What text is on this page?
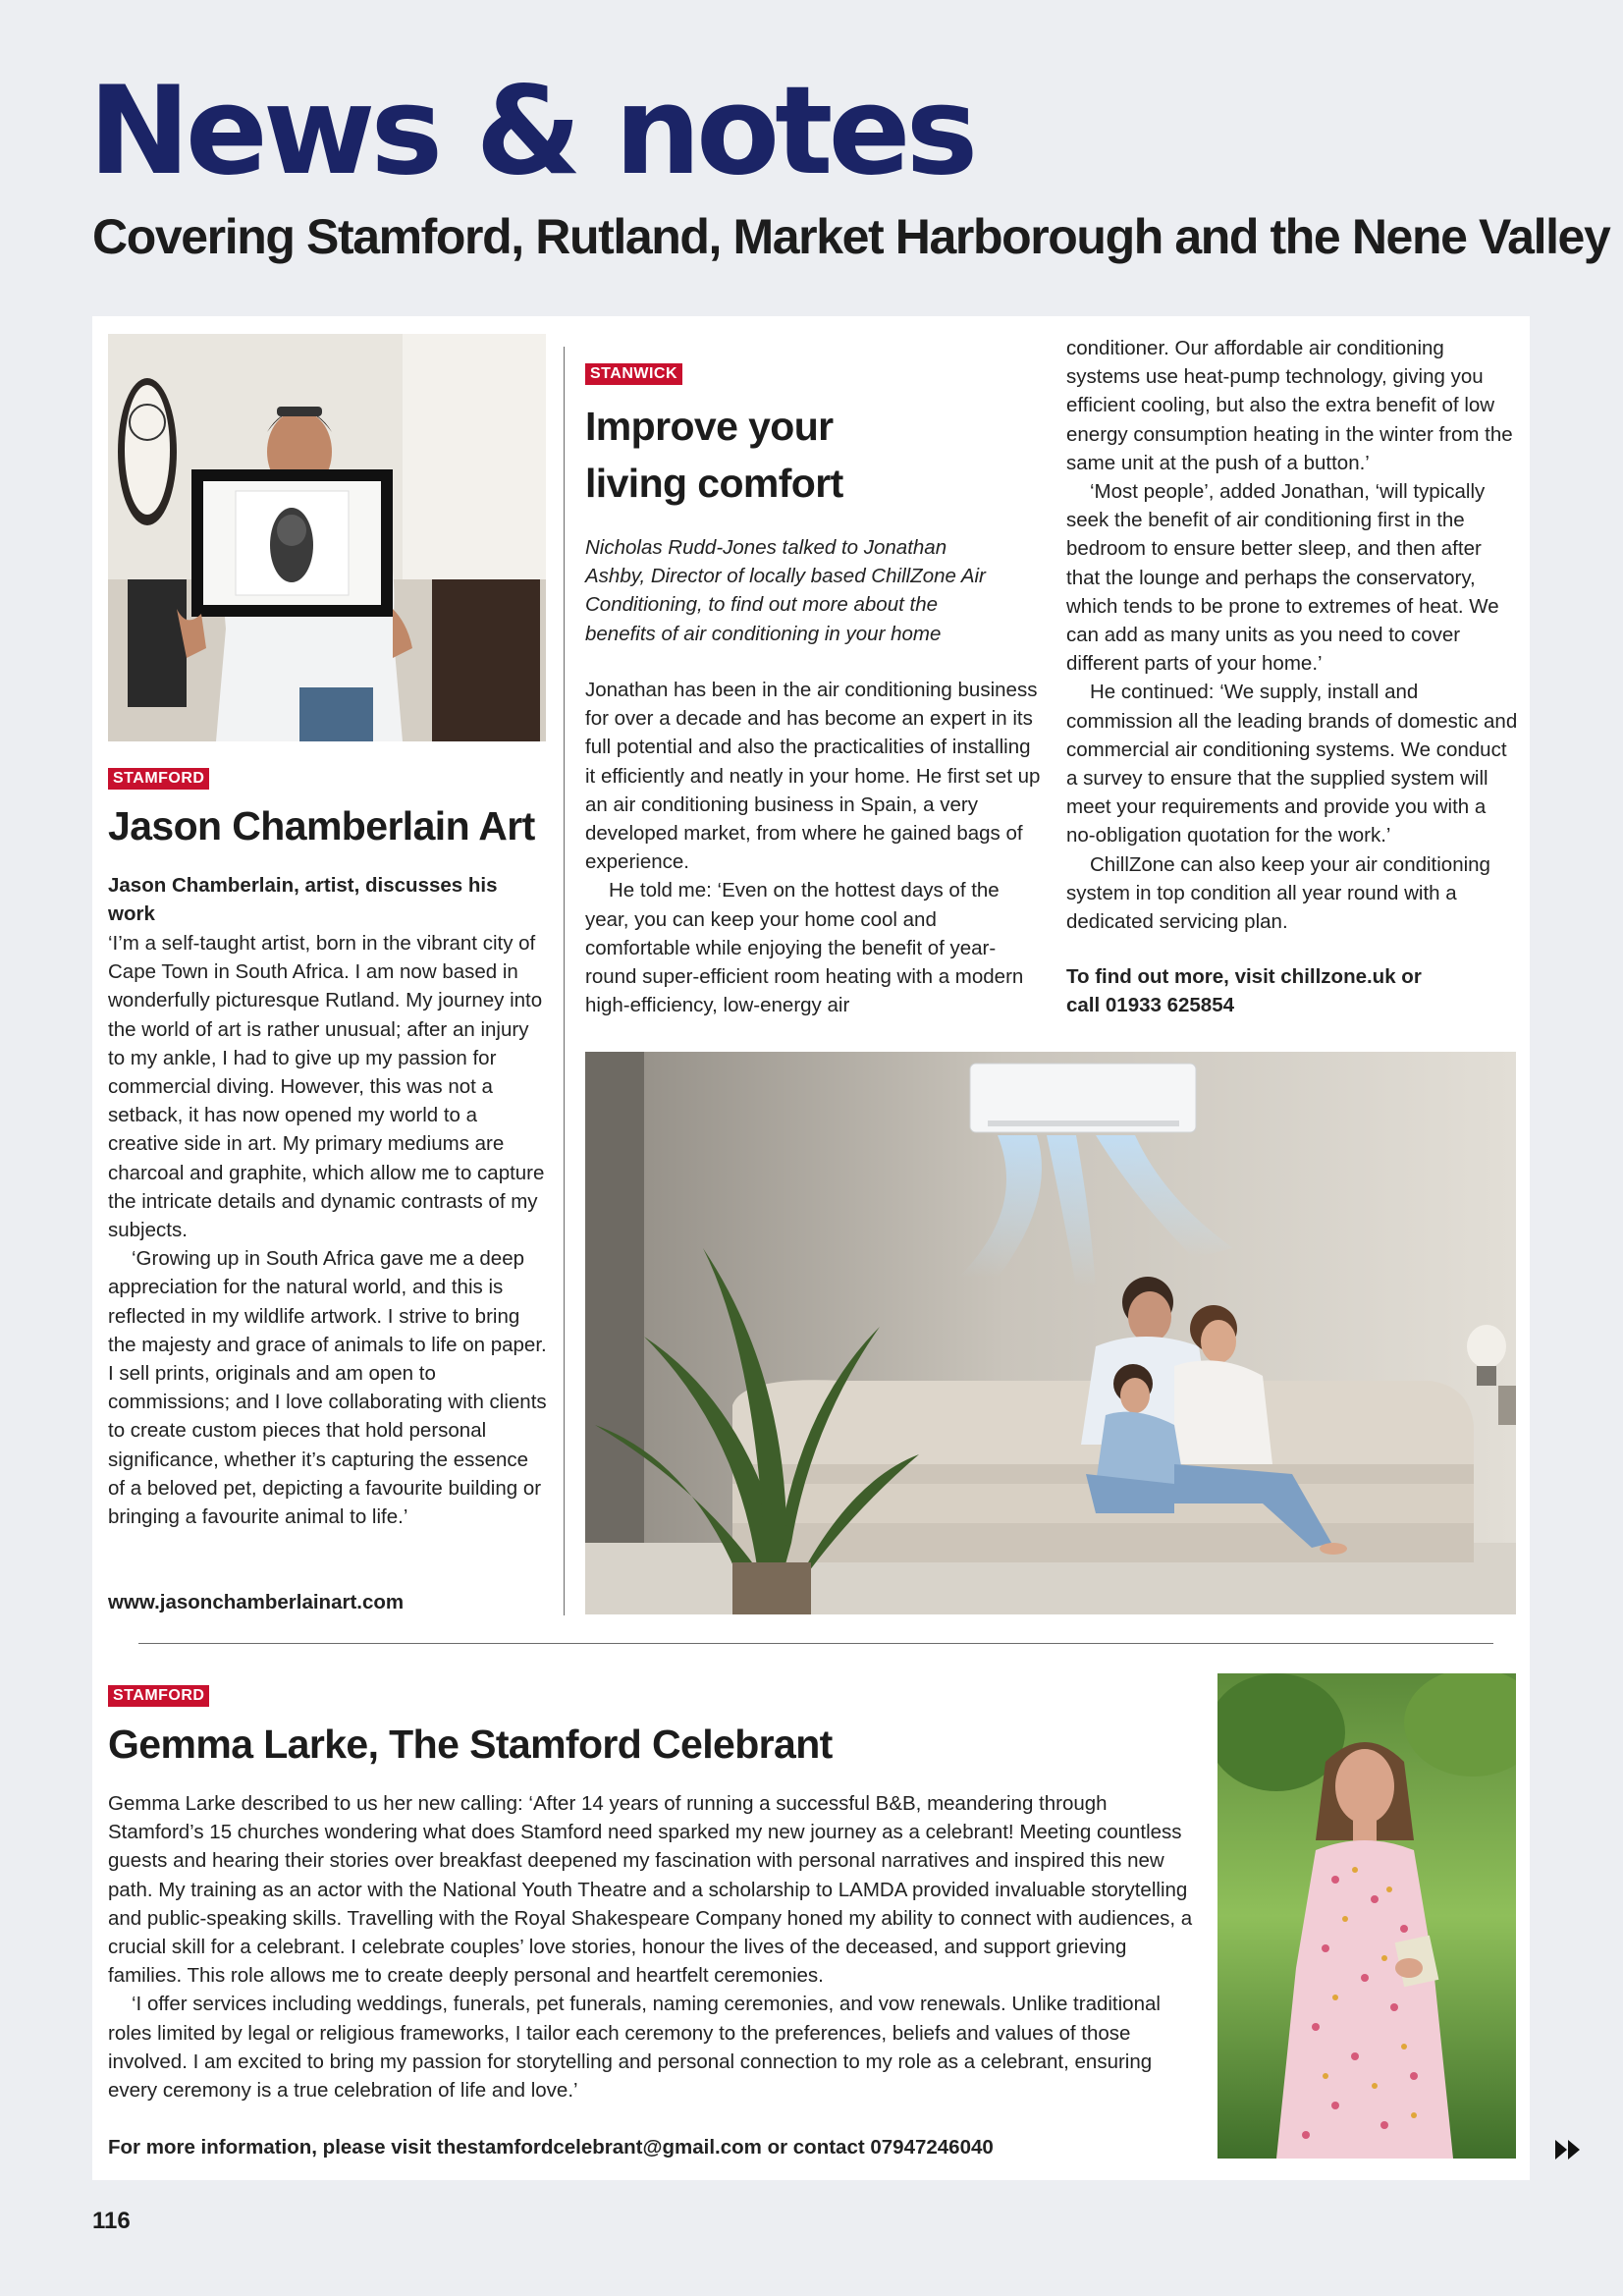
News & notes
Covering Stamford, Rutland, Market Harborough and the Nene Valley
STAMFORD
Jason Chamberlain Art
Jason Chamberlain, artist, discusses his work

‘I’m a self-taught artist, born in the vibrant city of Cape Town in South Africa. I am now based in wonderfully picturesque Rutland. My journey into the world of art is rather unusual; after an injury to my ankle, I had to give up my passion for commercial diving. However, this was not a setback, it has now opened my world to a creative side in art. My primary mediums are charcoal and graphite, which allow me to capture the intricate details and dynamic contrasts of my subjects.

‘Growing up in South Africa gave me a deep appreciation for the natural world, and this is reflected in my wildlife artwork. I strive to bring the majesty and grace of animals to life on paper. I sell prints, originals and am open to commissions; and I love collaborating with clients to create custom pieces that hold personal significance, whether it’s capturing the essence of a beloved pet, depicting a favourite building or bringing a favourite animal to life.’

www.jasonchamberlainart.com
STANWICK
Improve your
living comfort
Nicholas Rudd-Jones talked to Jonathan Ashby, Director of locally based ChillZone Air Conditioning, to find out more about the benefits of air conditioning in your home

Jonathan has been in the air conditioning business for over a decade and has become an expert in its full potential and also the practicalities of installing it efficiently and neatly in your home. He first set up an air conditioning business in Spain, a very developed market, from where he gained bags of experience.

He told me: ‘Even on the hottest days of the year, you can keep your home cool and comfortable while enjoying the benefit of year-round super-efficient room heating with a modern high-efficiency, low-energy air

conditioner. Our affordable air conditioning systems use heat-pump technology, giving you efficient cooling, but also the extra benefit of low energy consumption heating in the winter from the same unit at the push of a button.’

‘Most people’, added Jonathan, ‘will typically seek the benefit of air conditioning first in the bedroom to ensure better sleep, and then after that the lounge and perhaps the conservatory, which tends to be prone to extremes of heat. We can add as many units as you need to cover different parts of your home.’

He continued: ‘We supply, install and commission all the leading brands of domestic and commercial air conditioning systems. We conduct a survey to ensure that the supplied system will meet your requirements and provide you with a no-obligation quotation for the work.’

ChillZone can also keep your air conditioning system in top condition all year round with a dedicated servicing plan.

To find out more, visit chillzone.uk or
call 01933 625854
STAMFORD
Gemma Larke, The Stamford Celebrant

Gemma Larke described to us her new calling: ‘After 14 years of running a successful B&B, meandering through Stamford’s 15 churches wondering what does Stamford need sparked my new journey as a celebrant! Meeting countless guests and hearing their stories over breakfast deepened my fascination with personal narratives and inspired this new path. My training as an actor with the National Youth Theatre and a scholarship to LAMDA provided invaluable storytelling and public-speaking skills. Travelling with the Royal Shakespeare Company honed my ability to connect with audiences, a crucial skill for a celebrant. I celebrate couples’ love stories, honour the lives of the deceased, and support grieving families. This role allows me to create deeply personal and heartfelt ceremonies.

‘I offer services including weddings, funerals, pet funerals, naming ceremonies, and vow renewals. Unlike traditional roles limited by legal or religious frameworks, I tailor each ceremony to the preferences, beliefs and values of those involved. I am excited to bring my passion for storytelling and personal connection to my role as a celebrant, ensuring every ceremony is a true celebration of life and love.’

For more information, please visit thestamfordcelebrant@gmail.com or contact 07947246040
116
